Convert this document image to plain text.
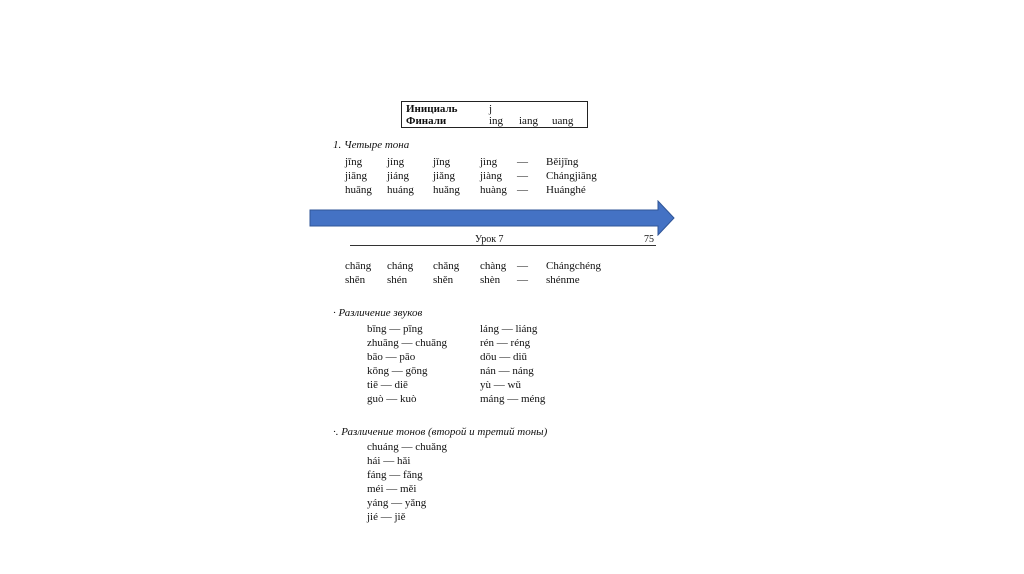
Инициаль	j
Финали	ing iang uang
1. Четыре тона
jīng jíng	jǐng	jìng — Běijīng
jiāng jiáng jiǎng jiàng — Chángjiāng
huāng huáng huǎng huàng — Huánghé
Урок 7	75
chāng cháng chǎng chàng — Chángchéng
shēn shén shěn shèn — shénme
· Различение звуков
bīng — pīng	láng — liáng
zhuāng — chuāng	rén — réng
bāo — pāo	dōu — diū
kōng — gōng	nán — náng
tiē — diē	yù — wǔ
guò — kuò	máng — méng
·. Различение тонов (второй и третий тоны)
chuáng — chuǎng
hái — hǎi
fáng — fǎng
méi — měi
yáng — yǎng
jié — jiě
